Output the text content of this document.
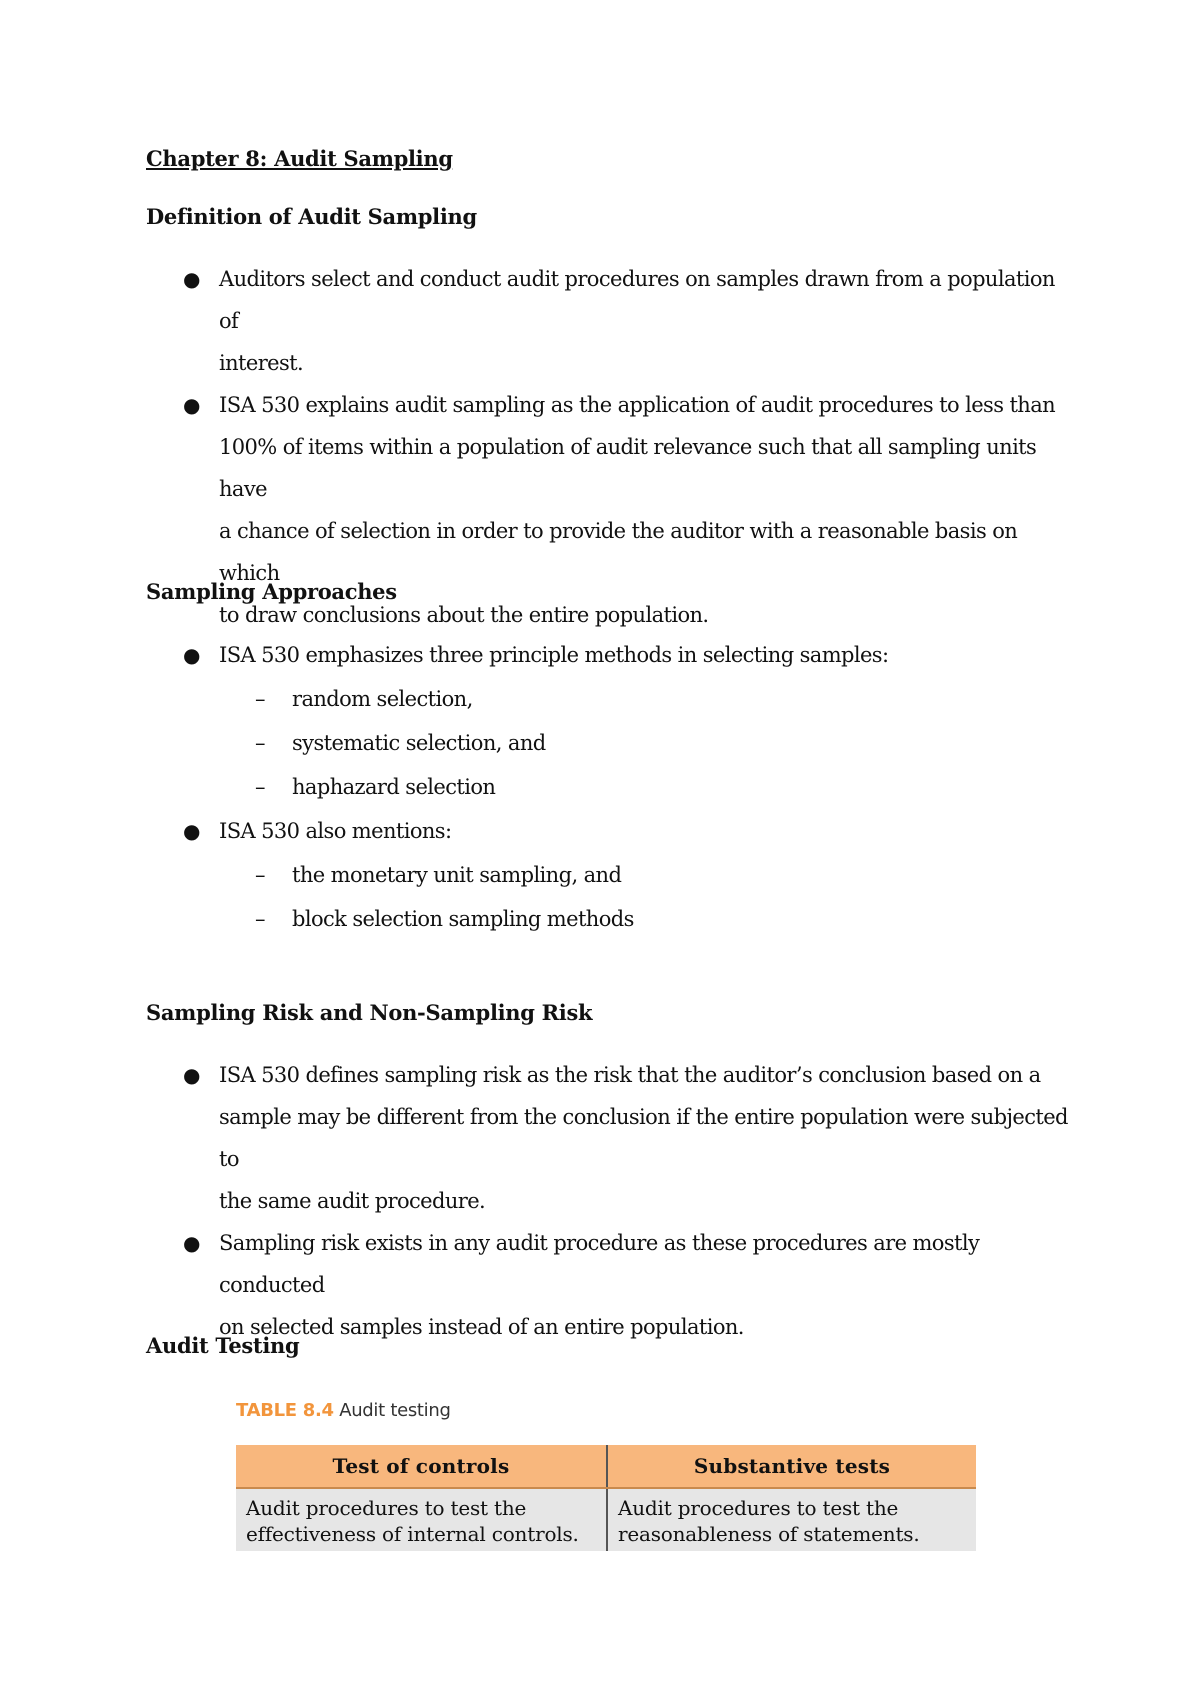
Chapter 8: Audit Sampling

Definition of Audit Sampling

● Auditors select and conduct audit procedures on samples drawn from a population of
interest.
● ISA 530 explains audit sampling as the application of audit procedures to less than
100% of items within a population of audit relevance such that all sampling units have
a chance of selection in order to provide the auditor with a reasonable basis on which
to draw conclusions about the entire population.

Sampling Approaches

● ISA 530 emphasizes three principle methods in selecting samples:
– random selection,
– systematic selection, and
– haphazard selection
● ISA 530 also mentions:
– the monetary unit sampling, and
– block selection sampling methods

Sampling Risk and Non-Sampling Risk

● ISA 530 defines sampling risk as the risk that the auditor’s conclusion based on a
sample may be different from the conclusion if the entire population were subjected to
the same audit procedure.
● Sampling risk exists in any audit procedure as these procedures are mostly conducted
on selected samples instead of an entire population.

Audit Testing

TABLE 8.4 Audit testing
Test of controls	Substantive tests
Audit procedures to test the
effectiveness of internal controls.	Audit procedures to test the
reasonableness of statements.
